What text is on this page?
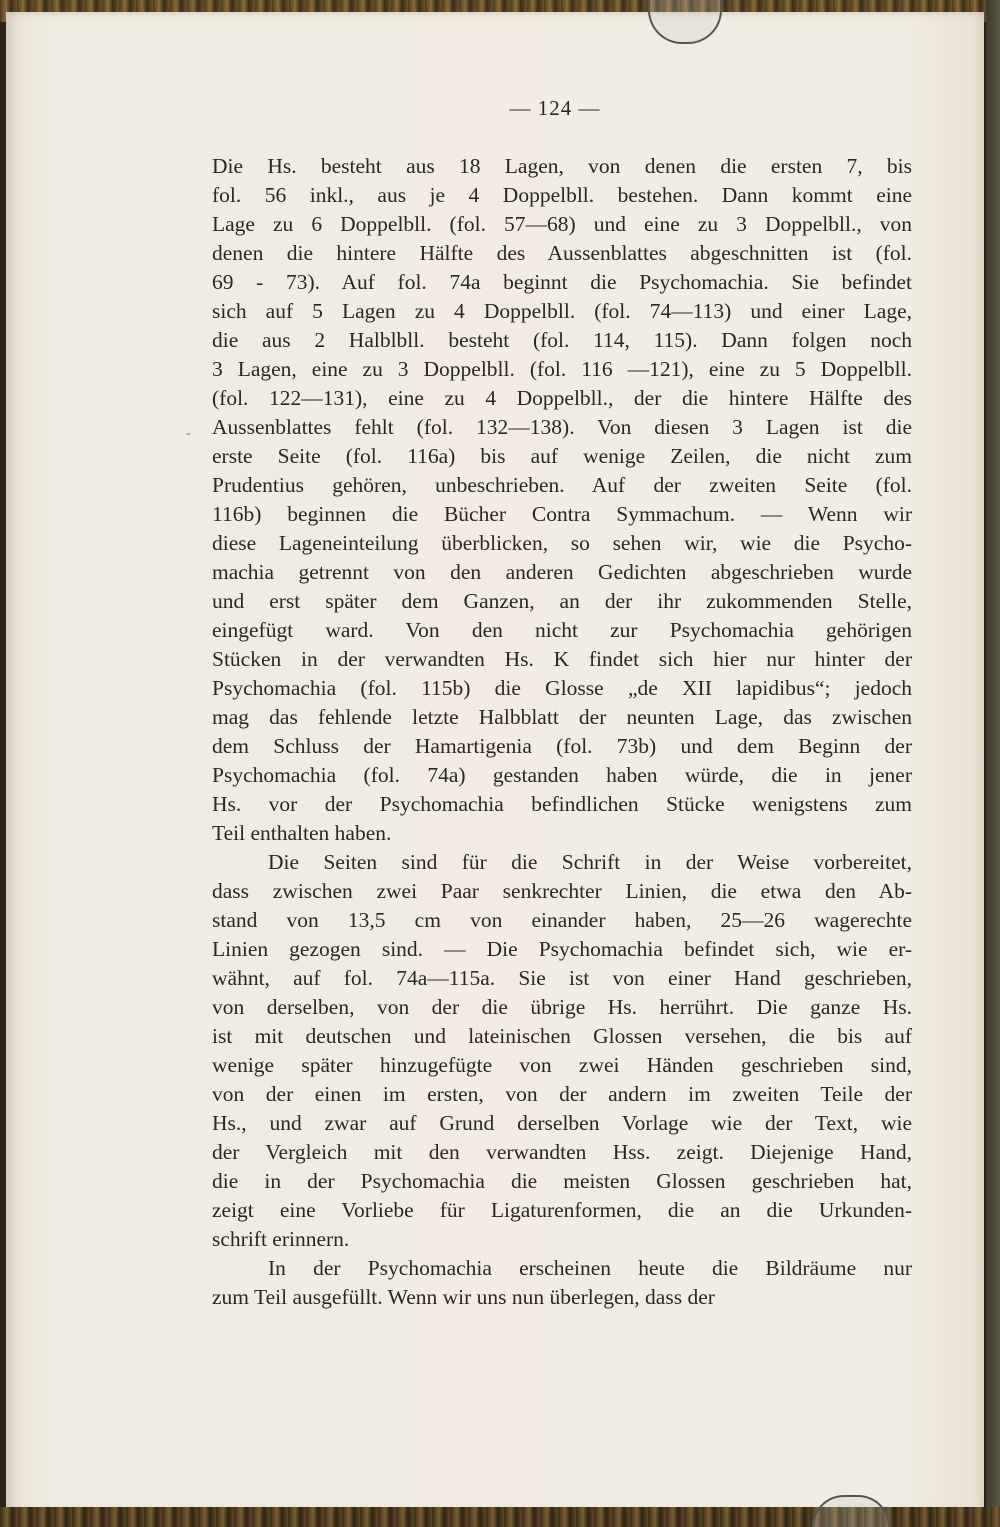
— 124 —
-
Die Hs. besteht aus 18 Lagen, von denen die ersten 7, bis
fol. 56 inkl., aus je 4 Doppelbll. bestehen. Dann kommt eine
Lage zu 6 Doppelbll. (fol. 57—68) und eine zu 3 Doppelbll., von
denen die hintere Hälfte des Aussenblattes abgeschnitten ist (fol.
69 - 73). Auf fol. 74a beginnt die Psychomachia. Sie befindet
sich auf 5 Lagen zu 4 Doppelbll. (fol. 74—113) und einer Lage,
die aus 2 Halblbll. besteht (fol. 114, 115). Dann folgen noch
3 Lagen, eine zu 3 Doppelbll. (fol. 116 —121), eine zu 5 Doppelbll.
(fol. 122—131), eine zu 4 Doppelbll., der die hintere Hälfte des
Aussenblattes fehlt (fol. 132—138). Von diesen 3 Lagen ist die
erste Seite (fol. 116a) bis auf wenige Zeilen, die nicht zum
Prudentius gehören, unbeschrieben. Auf der zweiten Seite (fol.
116b) beginnen die Bücher Contra Symmachum. — Wenn wir
diese Lageneinteilung überblicken, so sehen wir, wie die Psycho-
machia getrennt von den anderen Gedichten abgeschrieben wurde
und erst später dem Ganzen, an der ihr zukommenden Stelle,
eingefügt ward. Von den nicht zur Psychomachia gehörigen
Stücken in der verwandten Hs. K findet sich hier nur hinter der
Psychomachia (fol. 115b) die Glosse „de XII lapidibus“; jedoch
mag das fehlende letzte Halbblatt der neunten Lage, das zwischen
dem Schluss der Hamartigenia (fol. 73b) und dem Beginn der
Psychomachia (fol. 74a) gestanden haben würde, die in jener
Hs. vor der Psychomachia befindlichen Stücke wenigstens zum
Teil enthalten haben.
Die Seiten sind für die Schrift in der Weise vorbereitet,
dass zwischen zwei Paar senkrechter Linien, die etwa den Ab-
stand von 13,5 cm von einander haben, 25—26 wagerechte
Linien gezogen sind. — Die Psychomachia befindet sich, wie er-
wähnt, auf fol. 74a—115a. Sie ist von einer Hand geschrieben,
von derselben, von der die übrige Hs. herrührt. Die ganze Hs.
ist mit deutschen und lateinischen Glossen versehen, die bis auf
wenige später hinzugefügte von zwei Händen geschrieben sind,
von der einen im ersten, von der andern im zweiten Teile der
Hs., und zwar auf Grund derselben Vorlage wie der Text, wie
der Vergleich mit den verwandten Hss. zeigt. Diejenige Hand,
die in der Psychomachia die meisten Glossen geschrieben hat,
zeigt eine Vorliebe für Ligaturenformen, die an die Urkunden-
schrift erinnern.
In der Psychomachia erscheinen heute die Bildräume nur
zum Teil ausgefüllt. Wenn wir uns nun überlegen, dass der
